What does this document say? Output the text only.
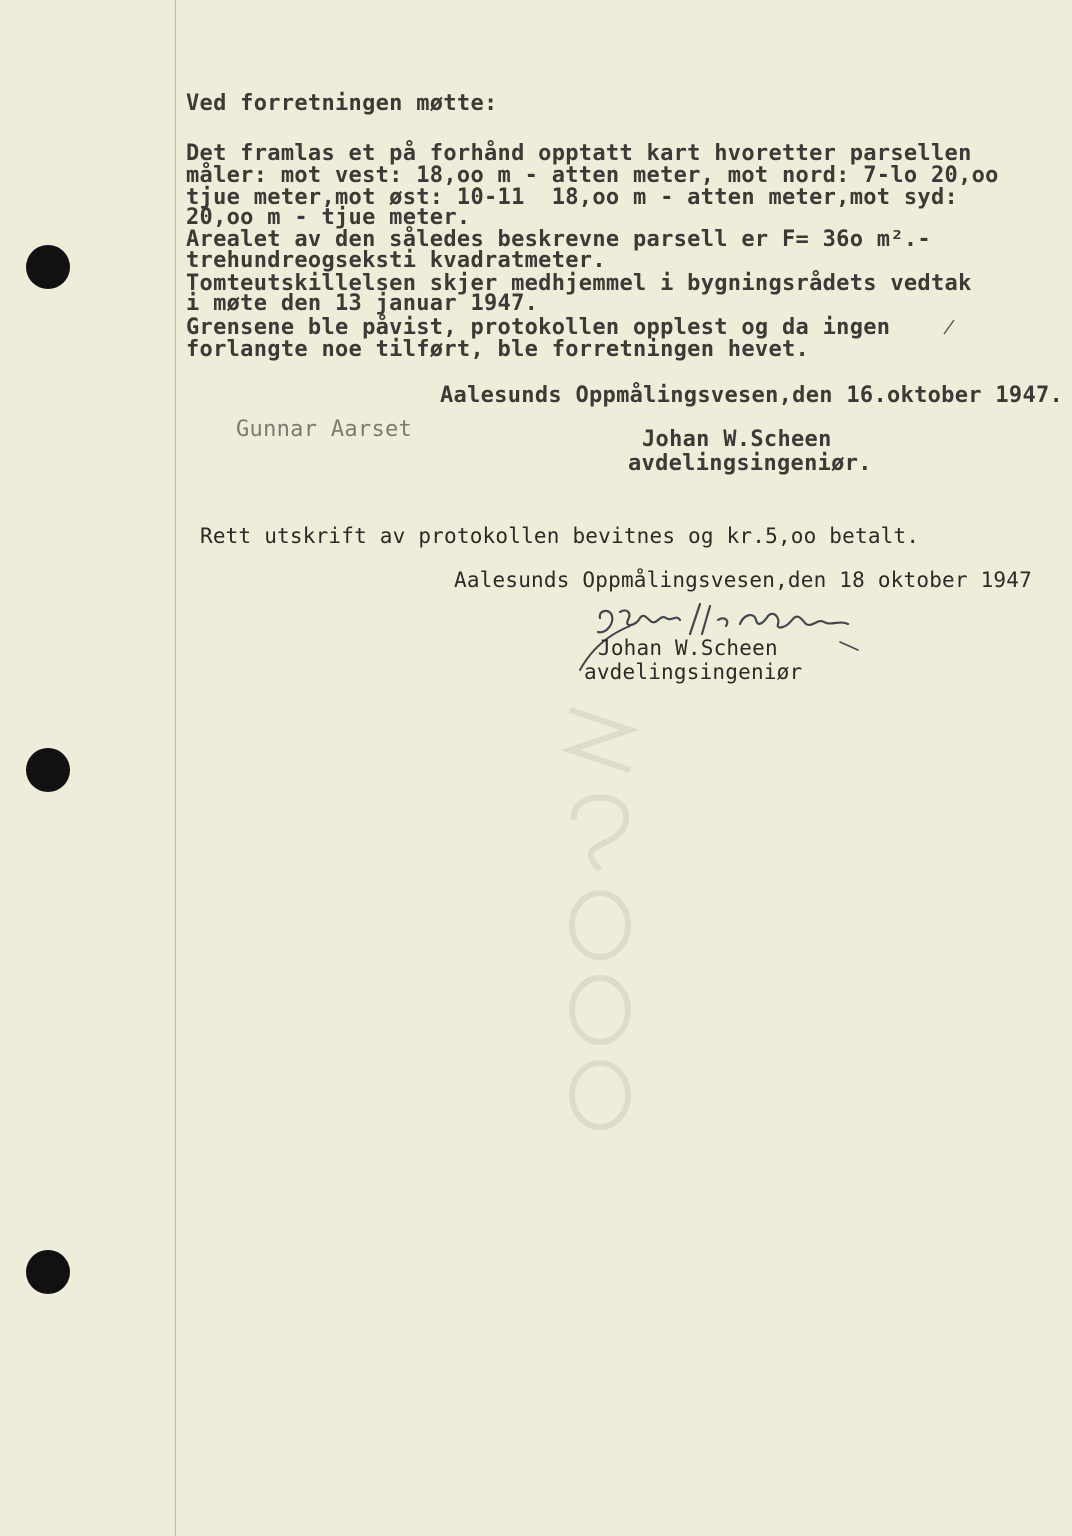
Ved forretningen møtte:
Det framlas et på forhånd opptatt kart hvoretter parsellen
måler: mot vest: 18,oo m - atten meter, mot nord: 7-lo 20,oo
tjue meter,mot øst: 10-11  18,oo m - atten meter,mot syd:
20,oo m - tjue meter.
Arealet av den således beskrevne parsell er F= 36o m².-
trehundreogseksti kvadratmeter.
Tomteutskillelsen skjer medhjemmel i bygningsrådets vedtak
i møte den 13 januar 1947.
Grensene ble påvist, protokollen opplest og da ingen
forlangte noe tilført, ble forretningen hevet.
Aalesunds Oppmålingsvesen,den 16.oktober 1947.
Gunnar Aarset	Johan W.Scheen
avdelingsingeniør.
Rett utskrift av protokollen bevitnes og kr.5,oo betalt.
Aalesunds Oppmålingsvesen,den 18 oktober 1947
Johan W.Scheen
avdelingsingeniør
